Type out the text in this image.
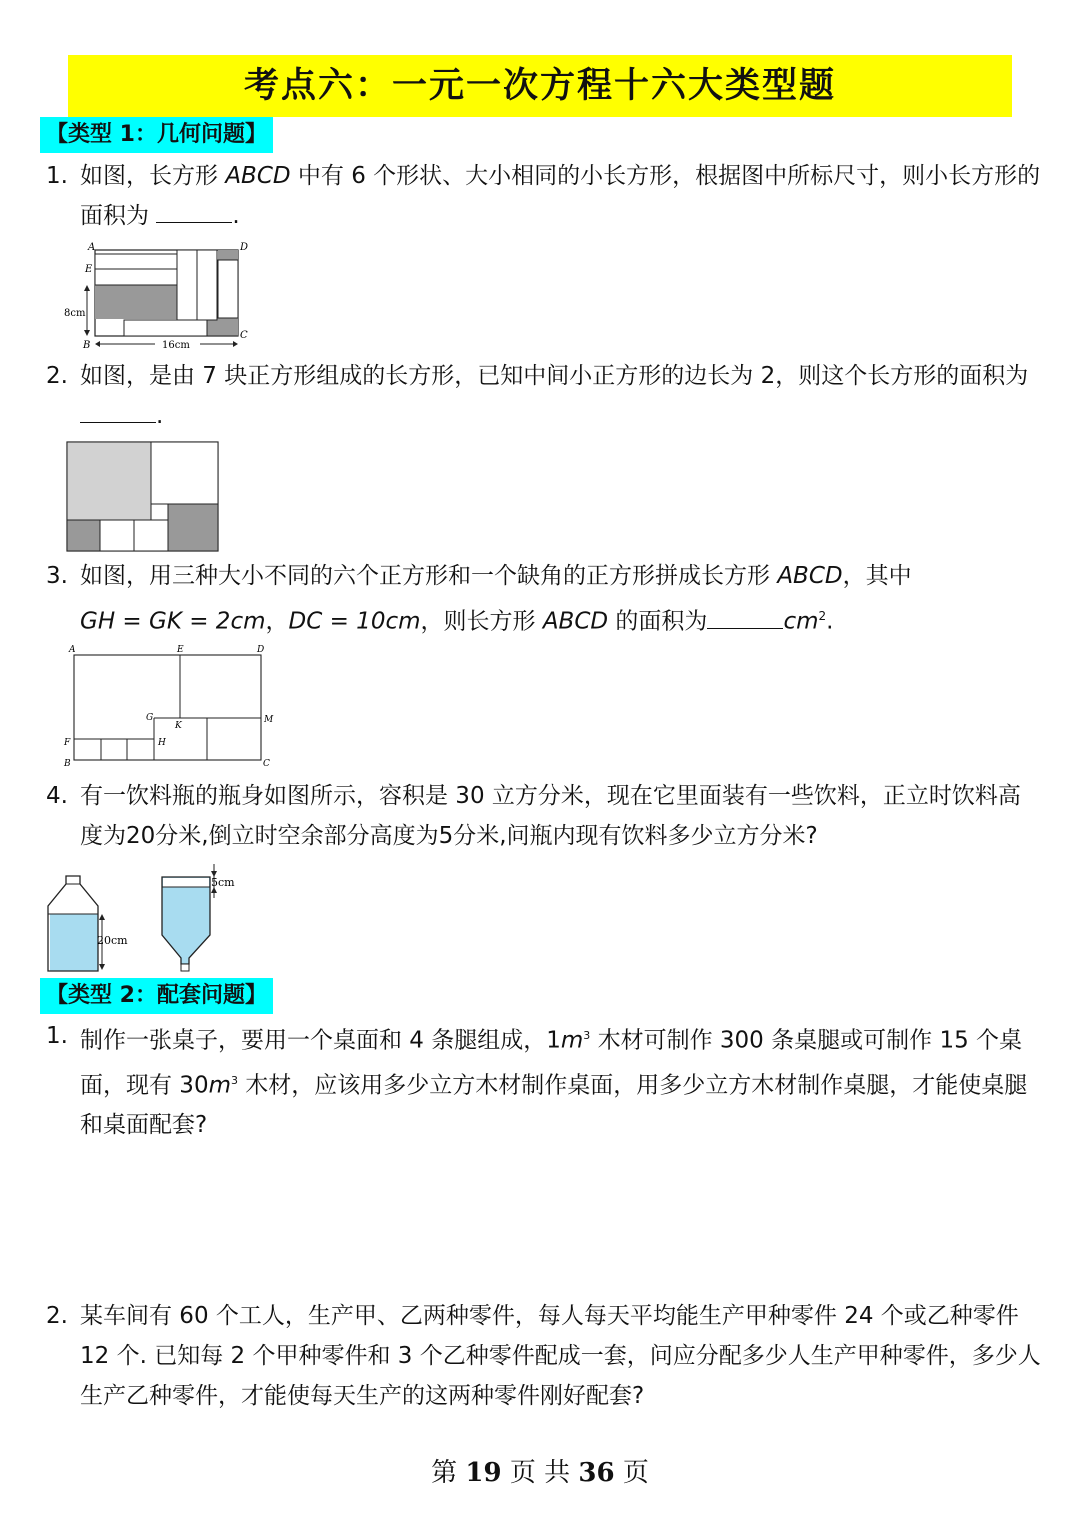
考点六：一元一次方程十六大类型题
【类型 1：几何问题】
1. 如图，长方形 ABCD 中有 6 个形状、大小相同的小长方形，根据图中所标尺寸，则小长方形的面积为	.
8cm
16cm
A	D
E
B
C
2. 如图，是由 7 块正方形组成的长方形，已知中间小正方形的边长为 2，则这个长方形的面积为 .
3. 如图，用三种大小不同的六个正方形和一个缺角的正方形拼成长方形 ABCD，其中
GH = GK = 2cm，DC = 10cm，则长方形 ABCD 的面积为	$cm^2$.
A	E	D
G
K
M
F	H
B	C
4. 有一饮料瓶的瓶身如图所示，容积是 30 立方分米，现在它里面装有一些饮料，正立时饮料高度为20分米,倒立时空余部分高度为5分米,问瓶内现有饮料多少立方分米?
20cm
5cm
【类型 2：配套问题】
1. 制作一张桌子，要用一个桌面和 4 条腿组成，$1m^3$ 木材可制作 300 条桌腿或可制作 15 个桌面，现有 $30m^3$ 木材，应该用多少立方木材制作桌面，用多少立方木材制作桌腿，才能使桌腿和桌面配套?
2. 某车间有 60 个工人，生产甲、乙两种零件，每人每天平均能生产甲种零件 24 个或乙种零件 12 个. 已知每 2 个甲种零件和 3 个乙种零件配成一套，问应分配多少人生产甲种零件，多少人生产乙种零件，才能使每天生产的这两种零件刚好配套?
第 19 页 共 36 页
